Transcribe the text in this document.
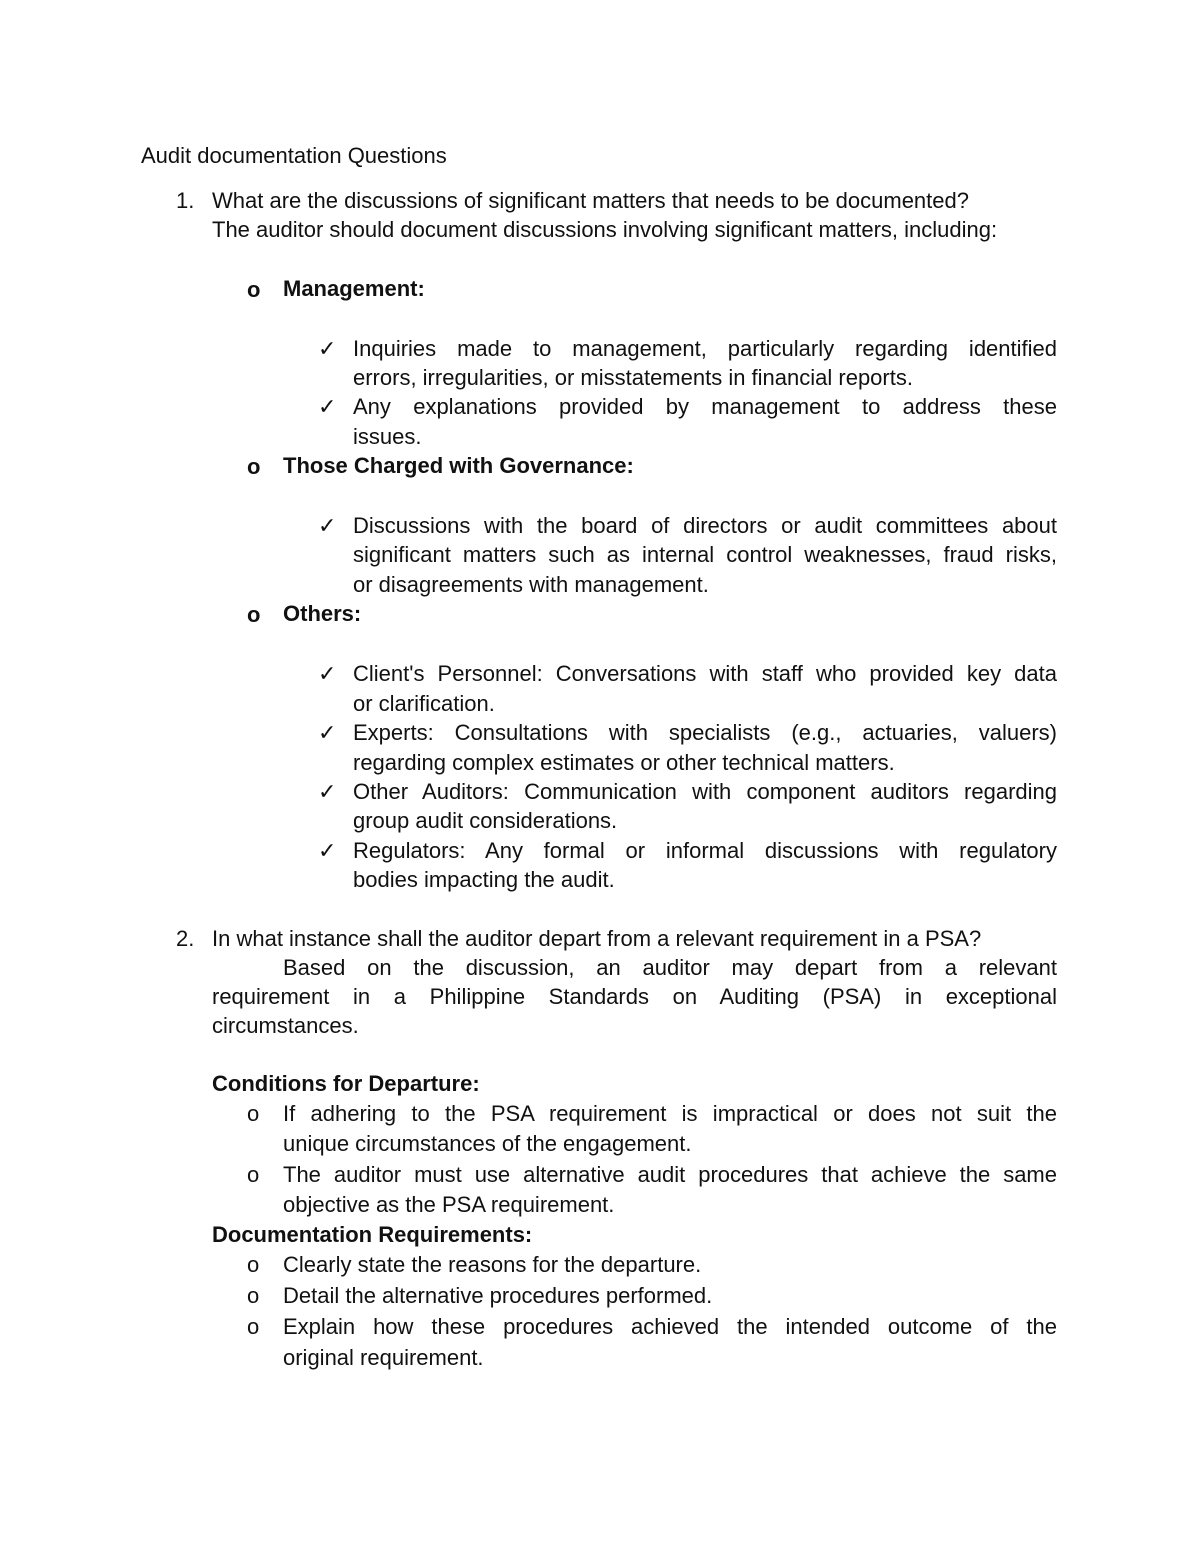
Audit documentation Questions
1. What are the discussions of significant matters that needs to be documented?
The auditor should document discussions involving significant matters, including:
o Management:
✓ Inquiries made to management, particularly regarding identified
errors, irregularities, or misstatements in financial reports.
✓ Any explanations provided by management to address these
issues.
o Those Charged with Governance:
✓ Discussions with the board of directors or audit committees about
significant matters such as internal control weaknesses, fraud risks,
or disagreements with management.
o Others:
✓ Client's Personnel: Conversations with staff who provided key data
or clarification.
✓ Experts: Consultations with specialists (e.g., actuaries, valuers)
regarding complex estimates or other technical matters.
✓ Other Auditors: Communication with component auditors regarding
group audit considerations.
✓ Regulators: Any formal or informal discussions with regulatory
bodies impacting the audit.
2. In what instance shall the auditor depart from a relevant requirement in a PSA?
Based on the discussion, an auditor may depart from a relevant
requirement in a Philippine Standards on Auditing (PSA) in exceptional
circumstances.
Conditions for Departure:
o If adhering to the PSA requirement is impractical or does not suit the
unique circumstances of the engagement.
o The auditor must use alternative audit procedures that achieve the same
objective as the PSA requirement.
Documentation Requirements:
o Clearly state the reasons for the departure.
o Detail the alternative procedures performed.
o Explain how these procedures achieved the intended outcome of the
original requirement.
